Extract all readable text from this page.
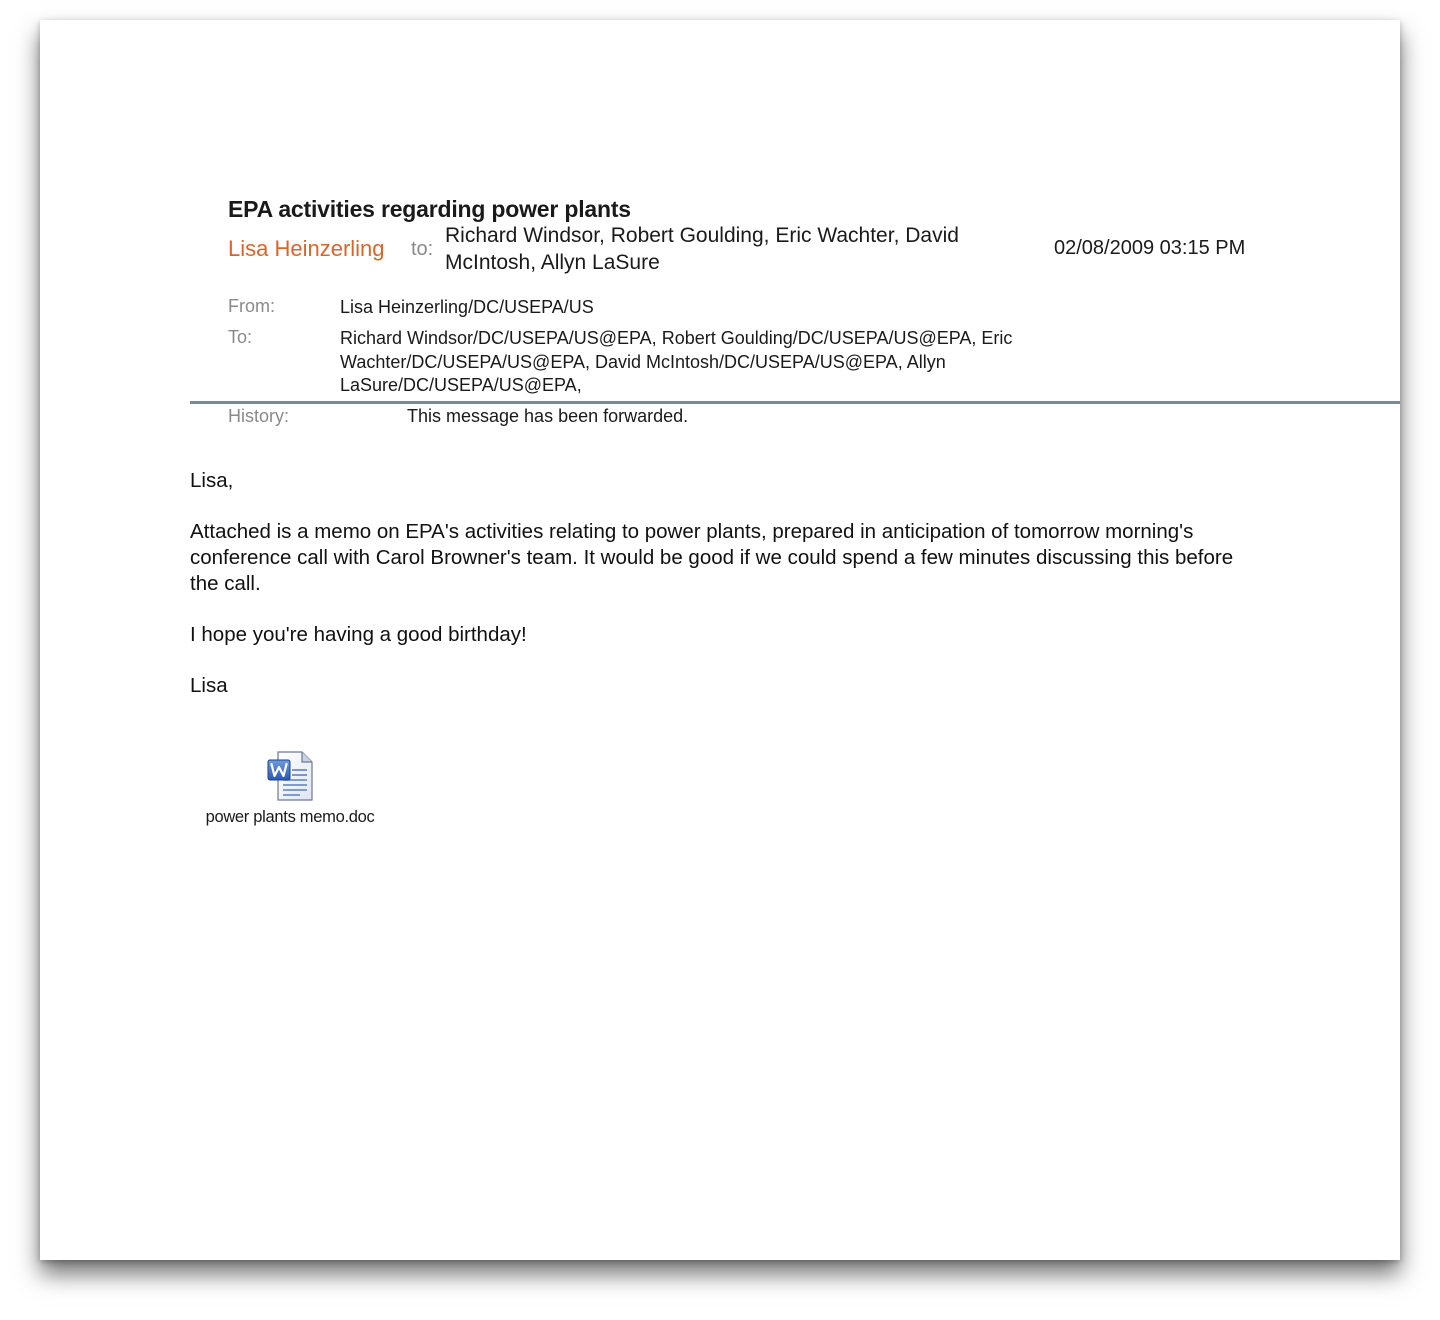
EPA activities regarding power plants
Lisa Heinzerling to:
Richard Windsor, Robert Goulding, Eric Wachter, David McIntosh, Allyn LaSure
02/08/2009 03:15 PM
From:	Lisa Heinzerling/DC/USEPA/US
To:	Richard Windsor/DC/USEPA/US@EPA, Robert Goulding/DC/USEPA/US@EPA, Eric Wachter/DC/USEPA/US@EPA, David McIntosh/DC/USEPA/US@EPA, Allyn LaSure/DC/USEPA/US@EPA,
History:	This message has been forwarded.

Lisa,

Attached is a memo on EPA's activities relating to power plants, prepared in anticipation of tomorrow morning's conference call with Carol Browner's team. It would be good if we could spend a few minutes discussing this before the call.

I hope you're having a good birthday!

Lisa

power plants memo.doc
